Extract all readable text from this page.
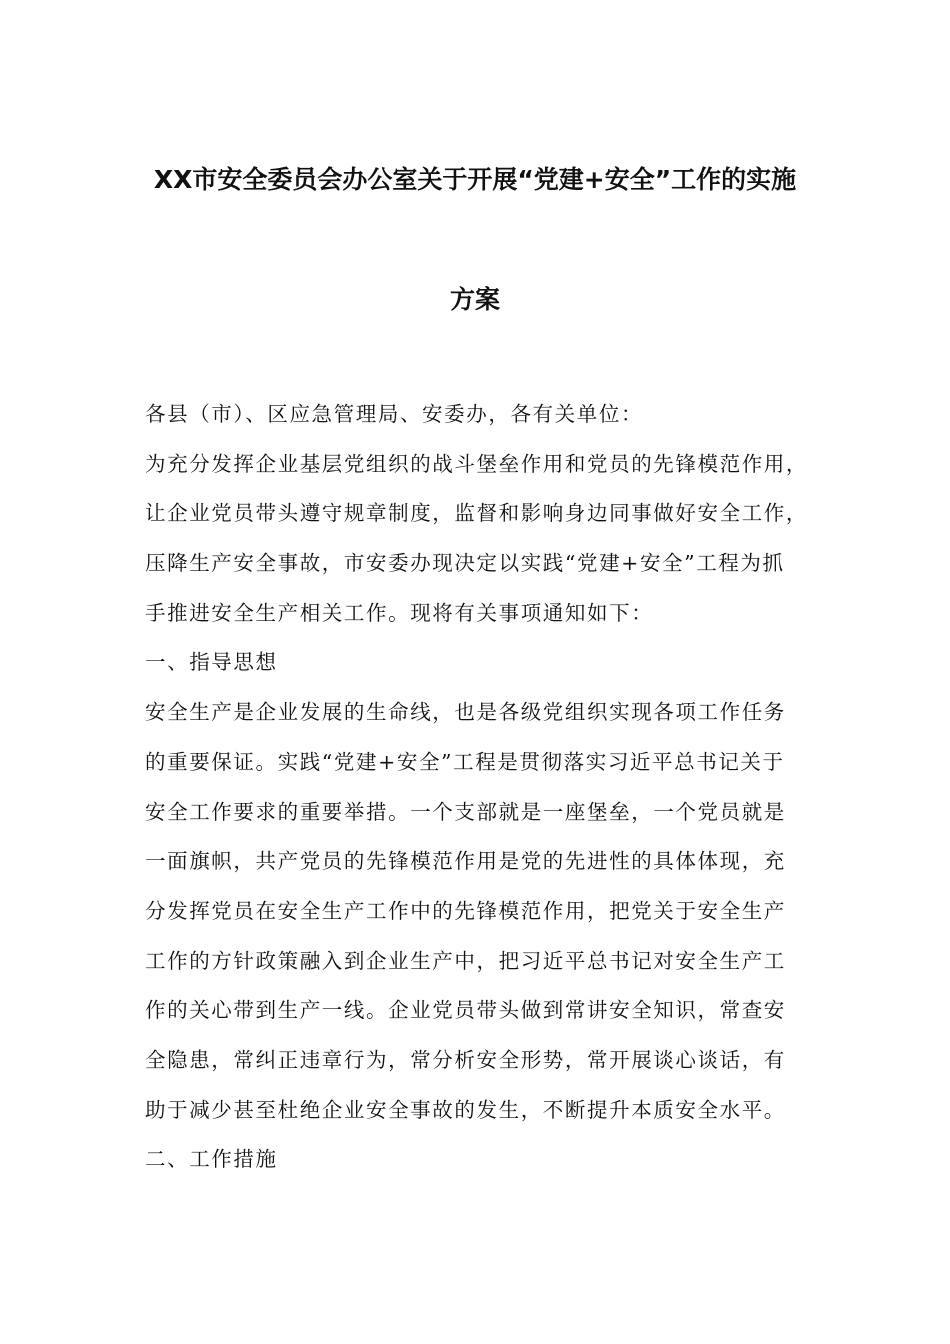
XX市安全委员会办公室关于开展“党建+安全”工作的实施
方案

各县（市）、区应急管理局、安委办，各有关单位：

为充分发挥企业基层党组织的战斗堡垒作用和党员的先锋模范作用，

让企业党员带头遵守规章制度，监督和影响身边同事做好安全工作，

压降生产安全事故，市安委办现决定以实践“党建+安全”工程为抓

手推进安全生产相关工作。现将有关事项通知如下：

一、指导思想

安全生产是企业发展的生命线，也是各级党组织实现各项工作任务

的重要保证。实践“党建+安全”工程是贯彻落实习近平总书记关于

安全工作要求的重要举措。一个支部就是一座堡垒，一个党员就是

一面旗帜，共产党员的先锋模范作用是党的先进性的具体体现，充

分发挥党员在安全生产工作中的先锋模范作用，把党关于安全生产

工作的方针政策融入到企业生产中，把习近平总书记对安全生产工

作的关心带到生产一线。企业党员带头做到常讲安全知识，常查安

全隐患，常纠正违章行为，常分析安全形势，常开展谈心谈话，有

助于减少甚至杜绝企业安全事故的发生，不断提升本质安全水平。

二、工作措施
